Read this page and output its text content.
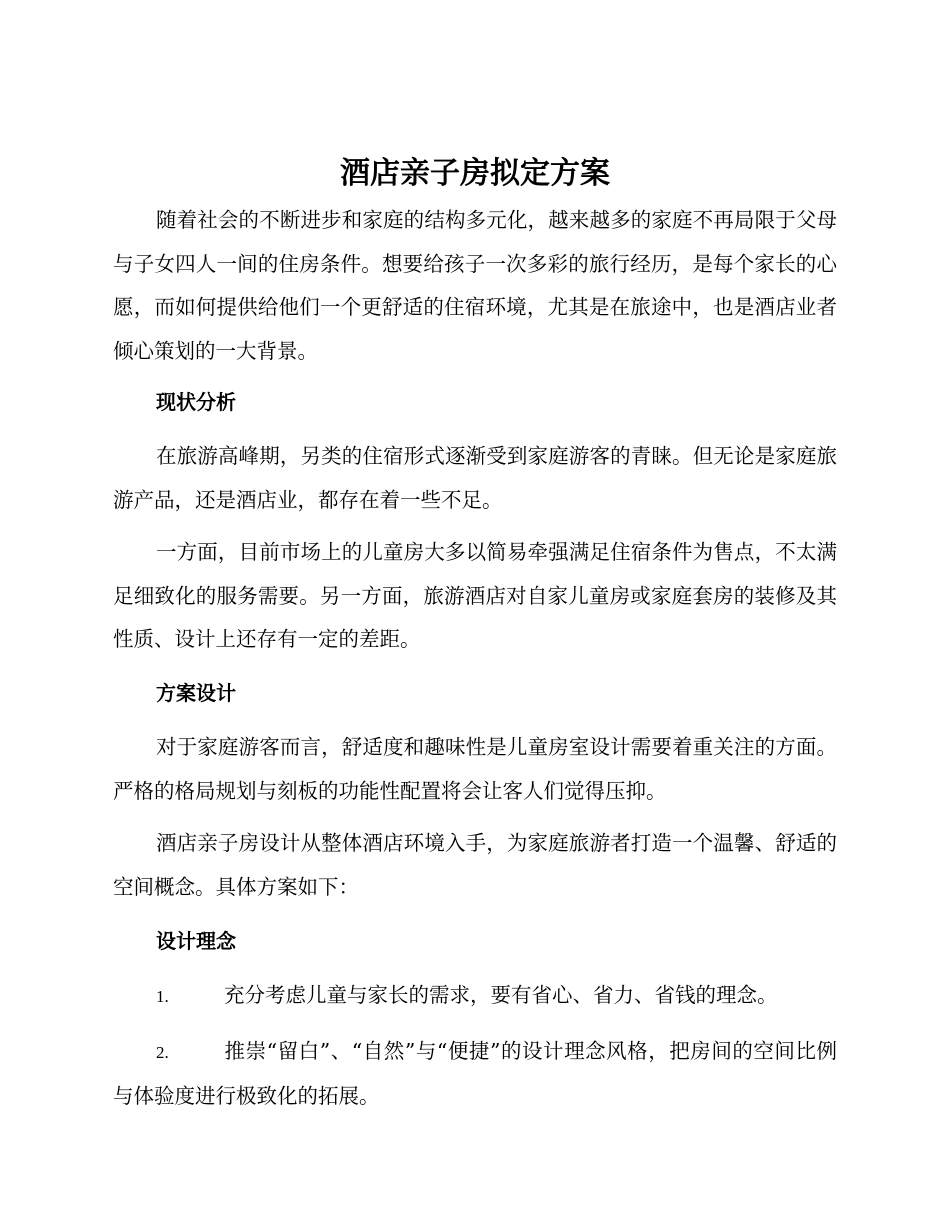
酒店亲子房拟定方案

随着社会的不断进步和家庭的结构多元化，越来越多的家庭不再局限于父母与子女四人一间的住房条件。想要给孩子一次多彩的旅行经历，是每个家长的心愿，而如何提供给他们一个更舒适的住宿环境，尤其是在旅途中，也是酒店业者倾心策划的一大背景。

现状分析

在旅游高峰期，另类的住宿形式逐渐受到家庭游客的青睐。但无论是家庭旅游产品，还是酒店业，都存在着一些不足。

一方面，目前市场上的儿童房大多以简易牵强满足住宿条件为售点，不太满足细致化的服务需要。另一方面，旅游酒店对自家儿童房或家庭套房的装修及其性质、设计上还存有一定的差距。

方案设计

对于家庭游客而言，舒适度和趣味性是儿童房室设计需要着重关注的方面。严格的格局规划与刻板的功能性配置将会让客人们觉得压抑。

酒店亲子房设计从整体酒店环境入手，为家庭旅游者打造一个温馨、舒适的空间概念。具体方案如下：

设计理念
1.	充分考虑儿童与家长的需求，要有省心、省力、省钱的理念。
2.	推崇“留白”、“自然”与“便捷”的设计理念风格，把房间的空间比例与体验度进行极致化的拓展。
